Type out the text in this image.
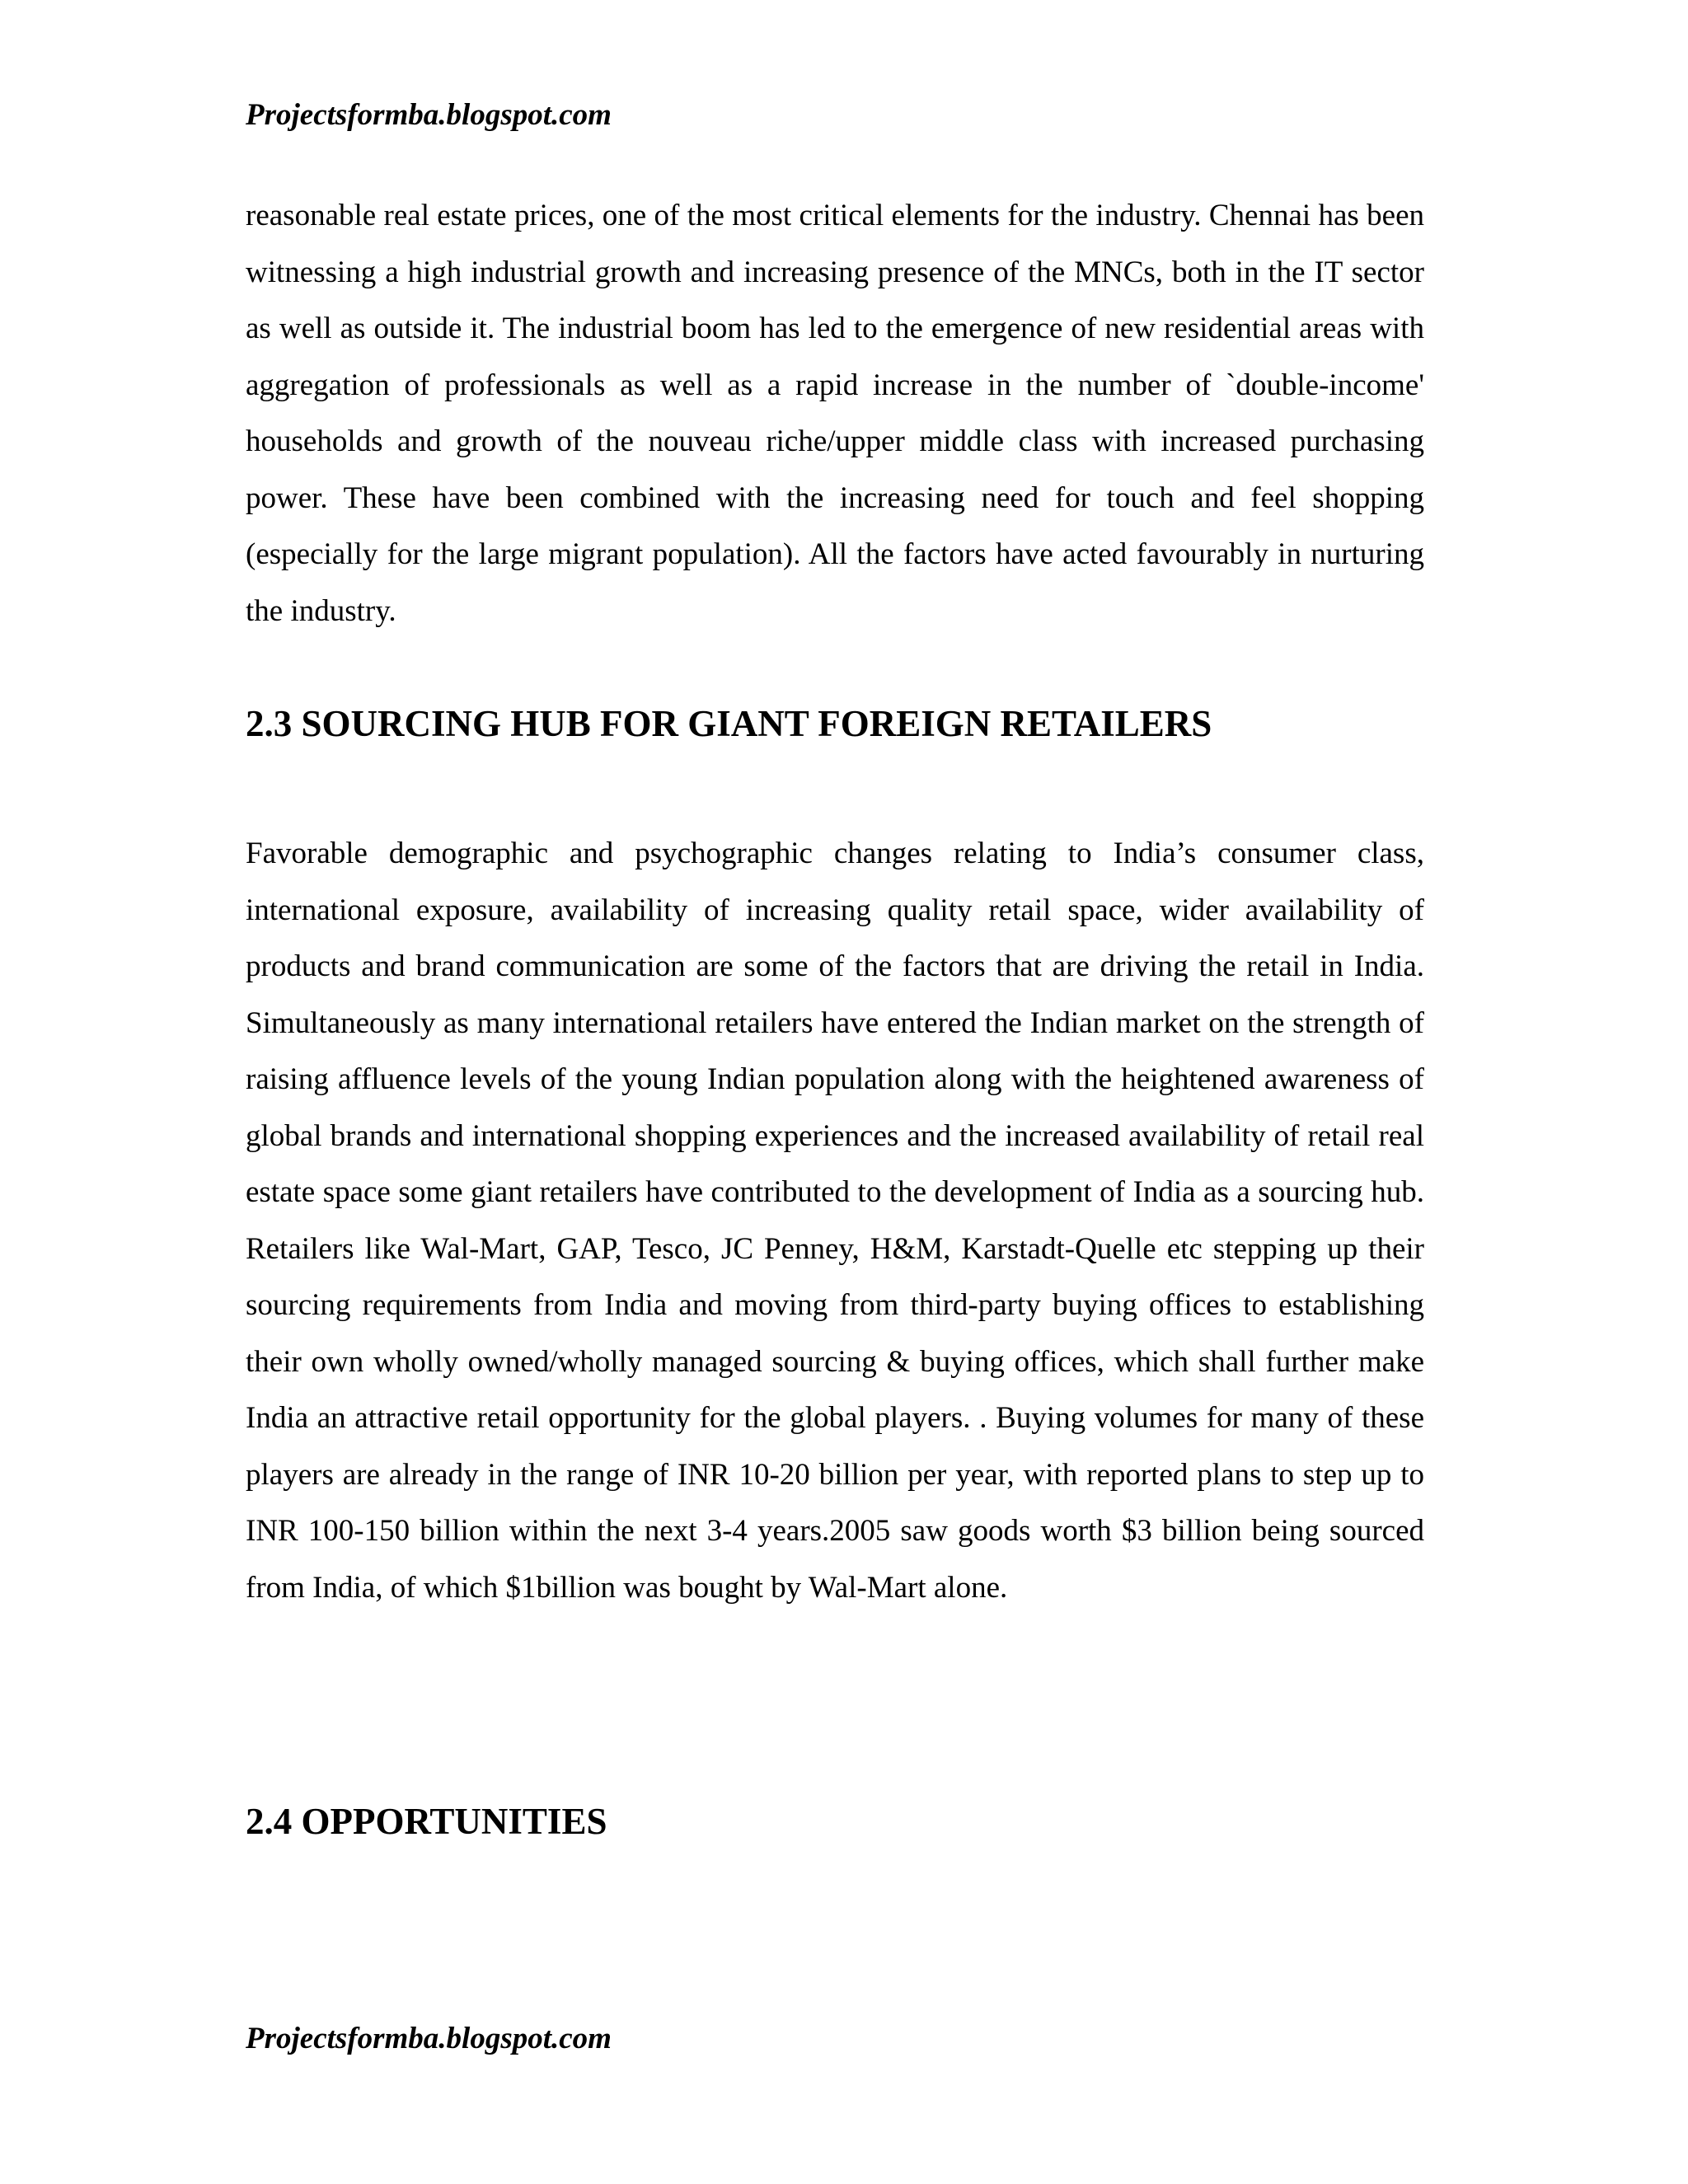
Projectsformba.blogspot.com

reasonable real estate prices, one of the most critical elements for the industry. Chennai has been witnessing a high industrial growth and increasing presence of the MNCs, both in the IT sector as well as outside it. The industrial boom has led to the emergence of new residential areas with aggregation of professionals as well as a rapid increase in the number of `double-income' households and growth of the nouveau riche/upper middle class with increased purchasing power. These have been combined with the increasing need for touch and feel shopping (especially for the large migrant population). All the factors have acted favourably in nurturing the industry.

2.3 SOURCING HUB FOR GIANT FOREIGN RETAILERS

Favorable demographic and psychographic changes relating to India’s consumer class, international exposure, availability of increasing quality retail space, wider availability of products and brand communication are some of the factors that are driving the retail in India. Simultaneously as many international retailers have entered the Indian market on the strength of raising affluence levels of the young Indian population along with the heightened awareness of global brands and international shopping experiences and the increased availability of retail real estate space some giant retailers have contributed to the development of India as a sourcing hub. Retailers like Wal-Mart, GAP, Tesco, JC Penney, H&M, Karstadt-Quelle etc stepping up their sourcing requirements from India and moving from third-party buying offices to establishing their own wholly owned/wholly managed sourcing & buying offices, which shall further make India an attractive retail opportunity for the global players. . Buying volumes for many of these players are already in the range of INR 10-20 billion per year, with reported plans to step up to INR 100-150 billion within the next 3-4 years.2005 saw goods worth $3 billion being sourced from India, of which $1billion was bought by Wal-Mart alone.

2.4 OPPORTUNITIES
Projectsformba.blogspot.com
